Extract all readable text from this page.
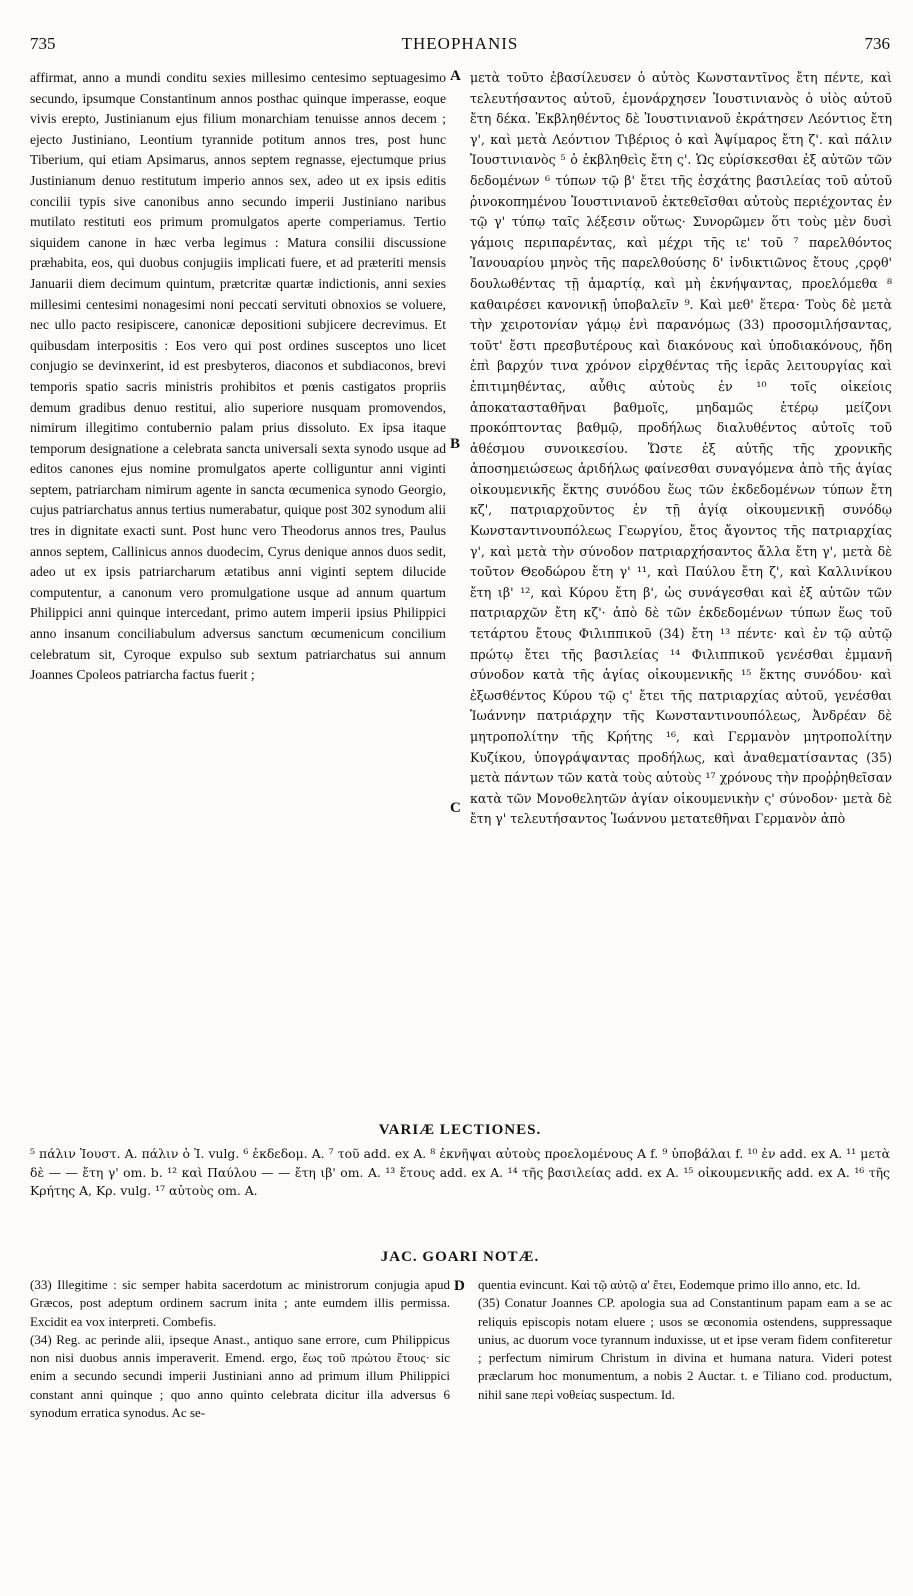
735	THEOPHANIS	736

affirmat, anno a mundi conditu sexies millesimo centesimo septuagesimo secundo, ipsumque Constantinum annos posthac quinque imperasse, eoque vivis erepto, Justinianum ejus filium monarchiam tenuisse annos decem ; ejecto Justiniano, Leontium tyrannide potitum annos tres, post hunc Tiberium, qui etiam Apsimarus, annos septem regnasse, ejectumque prius Justinianum denuo restitutum imperio annos sex, adeo ut ex ipsis editis concilii typis sive canonibus anno secundo imperii Justiniano naribus mutilato restituti eos primum promulgatos aperte comperiamus. Tertio siquidem canone in hæc verba legimus : Matura consilii discussione præhabita, eos, qui duobus conjugiis implicati fuere, et ad præteriti mensis Januarii diem decimum quintum, prætcritæ quartæ indictionis, anni sexies millesimi centesimi nonagesimi noni peccati servituti obnoxios se voluere, nec ullo pacto resipiscere, canonicæ depositioni subjicere decrevimus. Et quibusdam interpositis : Eos vero qui post ordines susceptos uno licet conjugio se devinxerint, id est presbyteros, diaconos et subdiaconos, brevi temporis spatio sacris ministris prohibitos et pœnis castigatos propriis demum gradibus denuo restitui, alio superiore nusquam promovendos, nimirum illegitimo contubernio palam prius dissoluto. Ex ipsa itaque temporum designatione a celebrata sancta universali sexta synodo usque ad editos canones ejus nomine promulgatos aperte colliguntur anni viginti septem, patriarcham nimirum agente in sancta œcumenica synodo Georgio, cujus patriarchatus annus tertius numerabatur, quique post 302 synodum alii tres in dignitate exacti sunt. Post hunc vero Theodorus annos tres, Paulus annos septem, Callinicus annos duodecim, Cyrus denique annos duos sedit, adeo ut ex ipsis patriarcharum ætatibus anni viginti septem dilucide computentur, a canonum vero promulgatione usque ad annum quartum Philippici anni quinque intercedant, primo autem imperii ipsius Philippici anno insanum conciliabulum adversus sanctum œcumenicum concilium celebratum sit, Cyroque expulso sub sextum patriarchatus sui annum Joannes Cpoleos patriarcha factus fuerit ;

A
B
C

μετὰ τοῦτο ἐβασίλευσεν ὁ αὐτὸς Κωνσταντῖνος ἔτη πέντε, καὶ τελευτήσαντος αὐτοῦ, ἐμονάρχησεν Ἰουστινιανὸς ὁ υἱὸς αὐτοῦ ἔτη δέκα. Ἐκβληθέντος δὲ Ἰουστινιανοῦ ἐκράτησεν Λεόντιος ἔτη γ', καὶ μετὰ Λεόντιον Τιβέριος ὁ καὶ Ἀψίμαρος ἔτη ζ'. καὶ πάλιν Ἰουστινιανὸς ⁵ ὁ ἐκβληθεὶς ἔτη ς'. Ὡς εὑρίσκεσθαι ἐξ αὐτῶν τῶν δεδομένων ⁶ τύπων τῷ β' ἔτει τῆς ἐσχάτης βασιλείας τοῦ αὐτοῦ ῥινοκοπημένου Ἰουστινιανοῦ ἐκτεθεῖσθαι αὐτοὺς περιέχοντας ἐν τῷ γ' τύπῳ ταῖς λέξεσιν οὕτως· Συνορῶμεν ὅτι τοὺς μὲν δυσὶ γάμοις περιπαρέντας, καὶ μέχρι τῆς ιε' τοῦ ⁷ παρελθόντος Ἰανουαρίου μηνὸς τῆς παρελθούσης δ' ἰνδικτιῶνος ἔτους ,ςρϙθ' δουλωθέντας τῇ ἁμαρτίᾳ, καὶ μὴ ἐκνήψαντας, προελόμεθα ⁸ καθαιρέσει κανονικῇ ὑποβαλεῖν ⁹. Καὶ μεθ' ἕτερα· Τοὺς δὲ μετὰ τὴν χειροτονίαν γάμῳ ἑνὶ παρανόμως (33) προσομιλήσαντας, τοῦτ' ἔστι πρεσβυτέρους καὶ διακόνους καὶ ὑποδιακόνους, ἤδη ἐπὶ βαρχύν τινα χρόνον εἰρχθέντας τῆς ἱερᾶς λειτουργίας καὶ ἐπιτιμηθέντας, αὖθις αὐτοὺς ἐν ¹⁰ τοῖς οἰκείοις ἀποκατασταθῆναι βαθμοῖς, μηδαμῶς ἑτέρῳ μείζονι προκόπτοντας βαθμῷ, προδήλως διαλυθέντος αὐτοῖς τοῦ ἀθέσμου συνοικεσίου. Ὥστε ἐξ αὐτῆς τῆς χρονικῆς ἀποσημειώσεως ἀριδήλως φαίνεσθαι συναγόμενα ἀπὸ τῆς ἁγίας οἰκουμενικῆς ἕκτης συνόδου ἕως τῶν ἐκδεδομένων τύπων ἔτη κζ', πατριαρχοῦντος ἐν τῇ ἁγίᾳ οἰκουμενικῇ συνόδῳ Κωνσταντινουπόλεως Γεωργίου, ἔτος ἄγοντος τῆς πατριαρχίας γ', καὶ μετὰ τὴν σύνοδον πατριαρχήσαντος ἄλλα ἔτη γ', μετὰ δὲ τοῦτον Θεοδώρου ἔτη γ' ¹¹, καὶ Παύλου ἔτη ζ', καὶ Καλλινίκου ἔτη ιβ' ¹², καὶ Κύρου ἔτη β', ὡς συνάγεσθαι καὶ ἐξ αὐτῶν τῶν πατριαρχῶν ἔτη κζ'· ἀπὸ δὲ τῶν ἐκδεδομένων τύπων ἕως τοῦ τετάρτου ἔτους Φιλιππικοῦ (34) ἔτη ¹³ πέντε· καὶ ἐν τῷ αὐτῷ πρώτῳ ἔτει τῆς βασιλείας ¹⁴ Φιλιππικοῦ γενέσθαι ἐμμανῆ σύνοδον κατὰ τῆς ἁγίας οἰκουμενικῆς ¹⁵ ἕκτης συνόδου· καὶ ἐξωσθέντος Κύρου τῷ ς' ἔτει τῆς πατριαρχίας αὐτοῦ, γενέσθαι Ἰωάννην πατριάρχην τῆς Κωνσταντινουπόλεως, Ἀνδρέαν δὲ μητροπολίτην τῆς Κρήτης ¹⁶, καὶ Γερμανὸν μητροπολίτην Κυζίκου, ὑπογράψαντας προδήλως, καὶ ἀναθεματίσαντας (35) μετὰ πάντων τῶν κατὰ τοὺς αὐτοὺς ¹⁷ χρόνους τὴν προῤῥηθεῖσαν κατὰ τῶν Μονοθελητῶν ἁγίαν οἰκουμενικὴν ς' σύνοδον· μετὰ δὲ ἔτη γ' τελευτήσαντος Ἰωάννου μετατεθῆναι Γερμανὸν ἀπὸ

VARIÆ LECTIONES.
⁵ πάλιν Ἰουστ. A. πάλιν ὁ Ἰ. vulg. ⁶ ἐκδεδομ. A. ⁷ τοῦ add. ex A. ⁸ ἐκνῆψαι αὐτοὺς προελομένους A f. ⁹ ὑποβάλαι f. ¹⁰ ἐν add. ex A. ¹¹ μετὰ δὲ — — ἔτη γ' om. b. ¹² καὶ Παύλου — — ἔτη ιβ' om. A. ¹³ ἔτους add. ex A. ¹⁴ τῆς βασιλείας add. ex A. ¹⁵ οἰκουμενικῆς add. ex A. ¹⁶ τῆς Κρήτης A, Κρ. vulg. ¹⁷ αὐτοὺς om. A.
JAC. GOARI NOTÆ.

(33) Illegitime : sic semper habita sacerdotum ac ministrorum conjugia apud Græcos, post adeptum ordinem sacrum inita ; ante eumdem illis permissa. Excidit ea vox interpreti. Combefis.

(34) Reg. ac perinde alii, ipseque Anast., antiquo sane errore, cum Philippicus non nisi duobus annis imperaverit. Emend. ergo, ἕως τοῦ πρώτου ἔτους· sic enim a secundo secundi imperii Justiniani anno ad primum illum Philippici constant anni quinque ; quo anno quinto celebrata dicitur illa adversus 6 synodum erratica synodus. Ac se-

D quentia evincunt. Καὶ τῷ αὐτῷ α' ἔτει, Eodemque primo illo anno, etc. Id.

(35) Conatur Joannes CP. apologia sua ad Constantinum papam eam a se ac reliquis episcopis notam eluere ; usos se œconomia ostendens, suppressaque unius, ac duorum voce tyrannum induxisse, ut et ipse veram fidem confiteretur ; perfectum nimirum Christum in divina et humana natura. Videri potest præclarum hoc monumentum, a nobis 2 Auctar. t. e Tiliano cod. productum, nihil sane περὶ νοθείας suspectum. Id.
